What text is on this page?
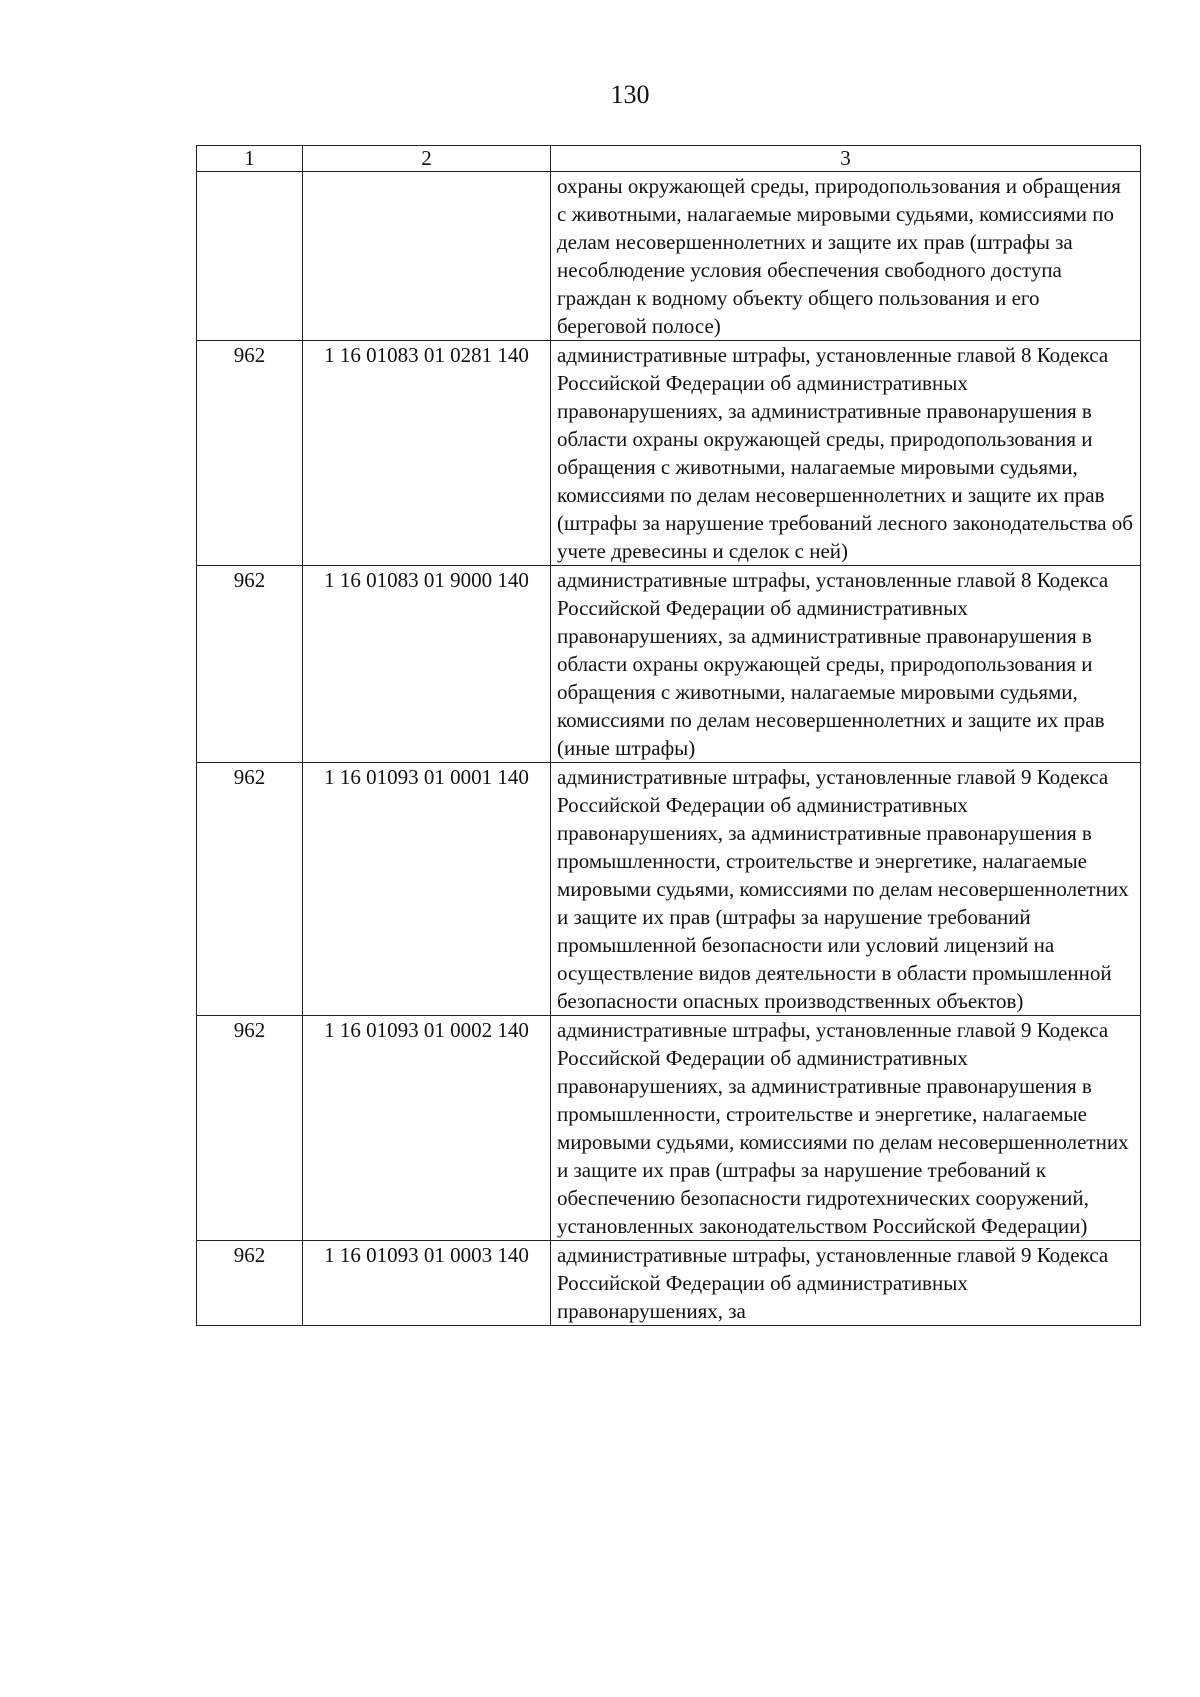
130
1	2	3
		охраны окружающей среды, природопользования и обращения с животными, налагаемые мировыми судьями, комиссиями по делам несовершеннолетних и защите их прав (штрафы за несоблюдение условия обеспечения свободного доступа граждан к водному объекту общего пользования и его береговой полосе)
962	1 16 01083 01 0281 140	административные штрафы, установленные главой 8 Кодекса Российской Федерации об административных правонарушениях, за административные правонарушения в области охраны окружающей среды, природопользования и обращения с животными, налагаемые мировыми судьями, комиссиями по делам несовершеннолетних и защите их прав (штрафы за нарушение требований лесного законодательства об учете древесины и сделок с ней)
962	1 16 01083 01 9000 140	административные штрафы, установленные главой 8 Кодекса Российской Федерации об административных правонарушениях, за административные правонарушения в области охраны окружающей среды, природопользования и обращения с животными, налагаемые мировыми судьями, комиссиями по делам несовершеннолетних и защите их прав (иные штрафы)
962	1 16 01093 01 0001 140	административные штрафы, установленные главой 9 Кодекса Российской Федерации об административных правонарушениях, за административные правонарушения в промышленности, строительстве и энергетике, налагаемые мировыми судьями, комиссиями по делам несовершеннолетних и защите их прав (штрафы за нарушение требований промышленной безопасности или условий лицензий на осуществление видов деятельности в области промышленной безопасности опасных производственных объектов)
962	1 16 01093 01 0002 140	административные штрафы, установленные главой 9 Кодекса Российской Федерации об административных правонарушениях, за административные правонарушения в промышленности, строительстве и энергетике, налагаемые мировыми судьями, комиссиями по делам несовершеннолетних и защите их прав (штрафы за нарушение требований к обеспечению безопасности гидротехнических сооружений, установленных законодательством Российской Федерации)
962	1 16 01093 01 0003 140	административные штрафы, установленные главой 9 Кодекса Российской Федерации об административных правонарушениях, за
